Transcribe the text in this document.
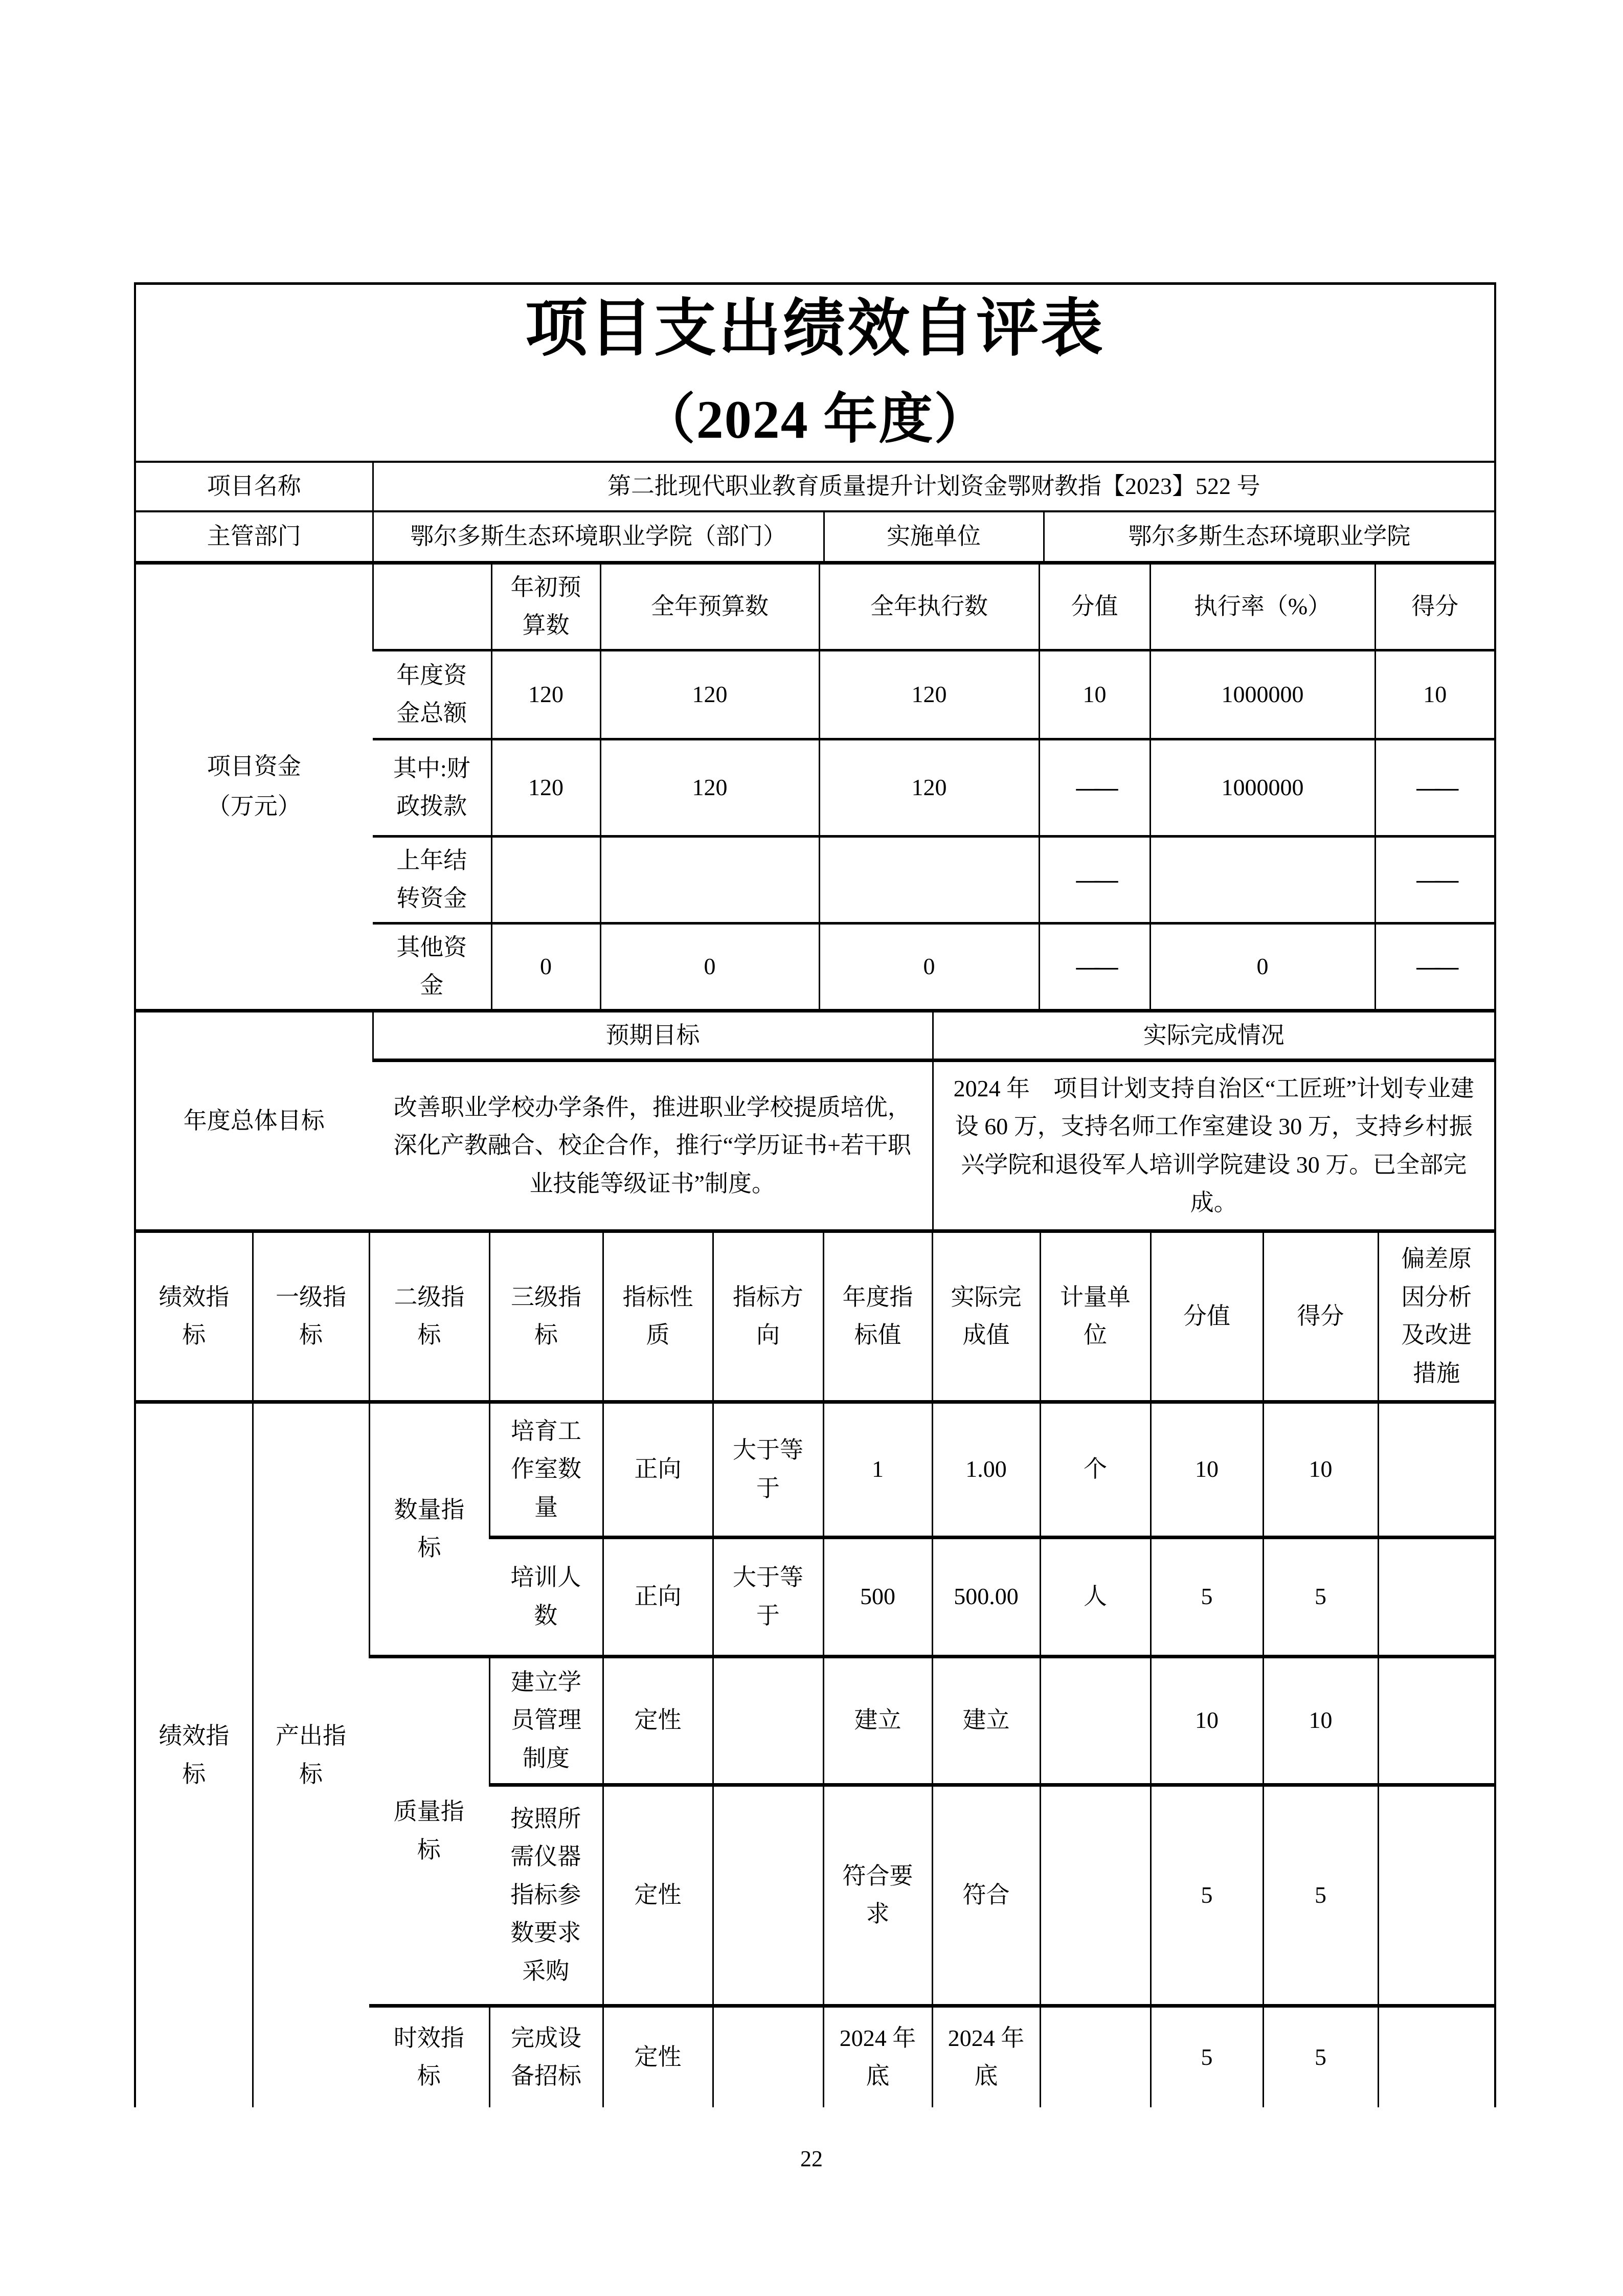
项目支出绩效自评表
（2024 年度）
项目名称	第二批现代职业教育质量提升计划资金鄂财教指【2023】522 号		
主管部门	鄂尔多斯生态环境职业学院（部门）	实施单位	鄂尔多斯生态环境职业学院
项目资金
（万元）		年初预算数	全年预算数	全年执行数	分值	执行率（%）	得分
	年度资金总额	120	120	120	10	1000000	10
	其中:财政拨款	120	120	120	——	1000000	——
	上年结转资金				——		——
	其他资金	0	0	0	——	0	——
年度总体目标	预期目标	实际完成情况
	改善职业学校办学条件，推进职业学校提质培优，深化产教融合、校企合作，推行“学历证书+若干职业技能等级证书”制度。	2024 年　项目计划支持自治区“工匠班”计划专业建设 60 万，支持名师工作室建设 30 万，支持乡村振兴学院和退役军人培训学院建设 30 万。已全部完成。
绩效指标	一级指标	二级指标	三级指标	指标性质	指标方向	年度指标值	实际完成值	计量单位	分值	得分	偏差原因分析及改进措施
绩效指标	产出指标	数量指标	培育工作室数量	正向	大于等于	1	1.00	个	10	10	
			培训人数	正向	大于等于	500	500.00	人	5	5	
		质量指标	建立学员管理制度	定性		建立	建立		10	10	
			按照所需仪器指标参数要求采购	定性		符合要求	符合		5	5	
		时效指标	完成设备招标	定性		2024 年底	2024 年底		5	5	
22
